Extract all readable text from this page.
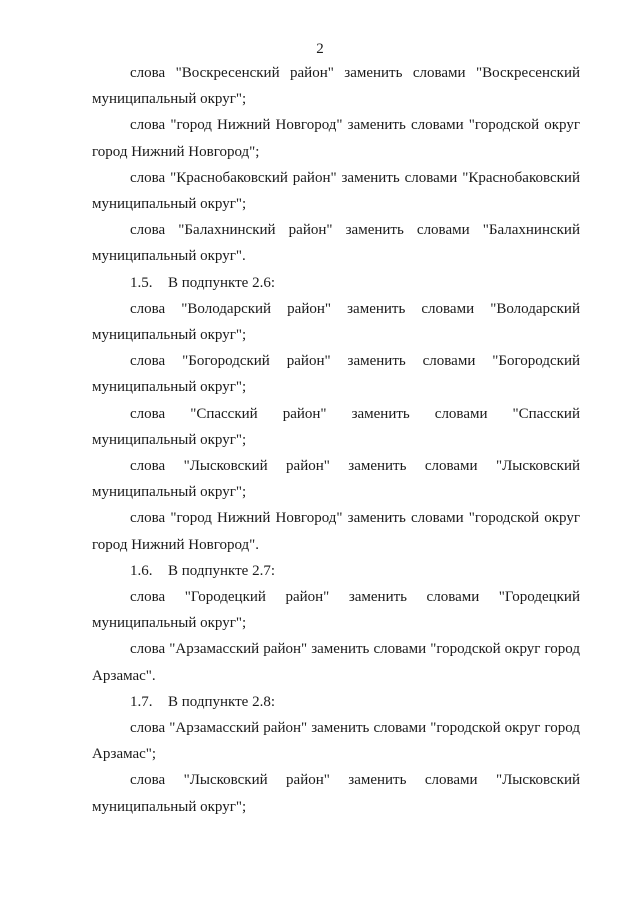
2

слова "Воскресенский район" заменить словами "Воскресенский муниципальный округ";

слова "город Нижний Новгород" заменить словами "городской округ город Нижний Новгород";

слова "Краснобаковский район" заменить словами "Краснобаковский муниципальный округ";

слова "Балахнинский район" заменить словами "Балахнинский муниципальный округ".

1.5. В подпункте 2.6:

слова "Володарский район" заменить словами "Володарский муниципальный округ";

слова "Богородский район" заменить словами "Богородский муниципальный округ";

слова "Спасский район" заменить словами "Спасский муниципальный округ";

слова "Лысковский район" заменить словами "Лысковский муниципальный округ";

слова "город Нижний Новгород" заменить словами "городской округ город Нижний Новгород".

1.6. В подпункте 2.7:

слова "Городецкий район" заменить словами "Городецкий муниципальный округ";

слова "Арзамасский район" заменить словами "городской округ город Арзамас".

1.7. В подпункте 2.8:

слова "Арзамасский район" заменить словами "городской округ город Арзамас";

слова "Лысковский район" заменить словами "Лысковский муниципальный округ";
